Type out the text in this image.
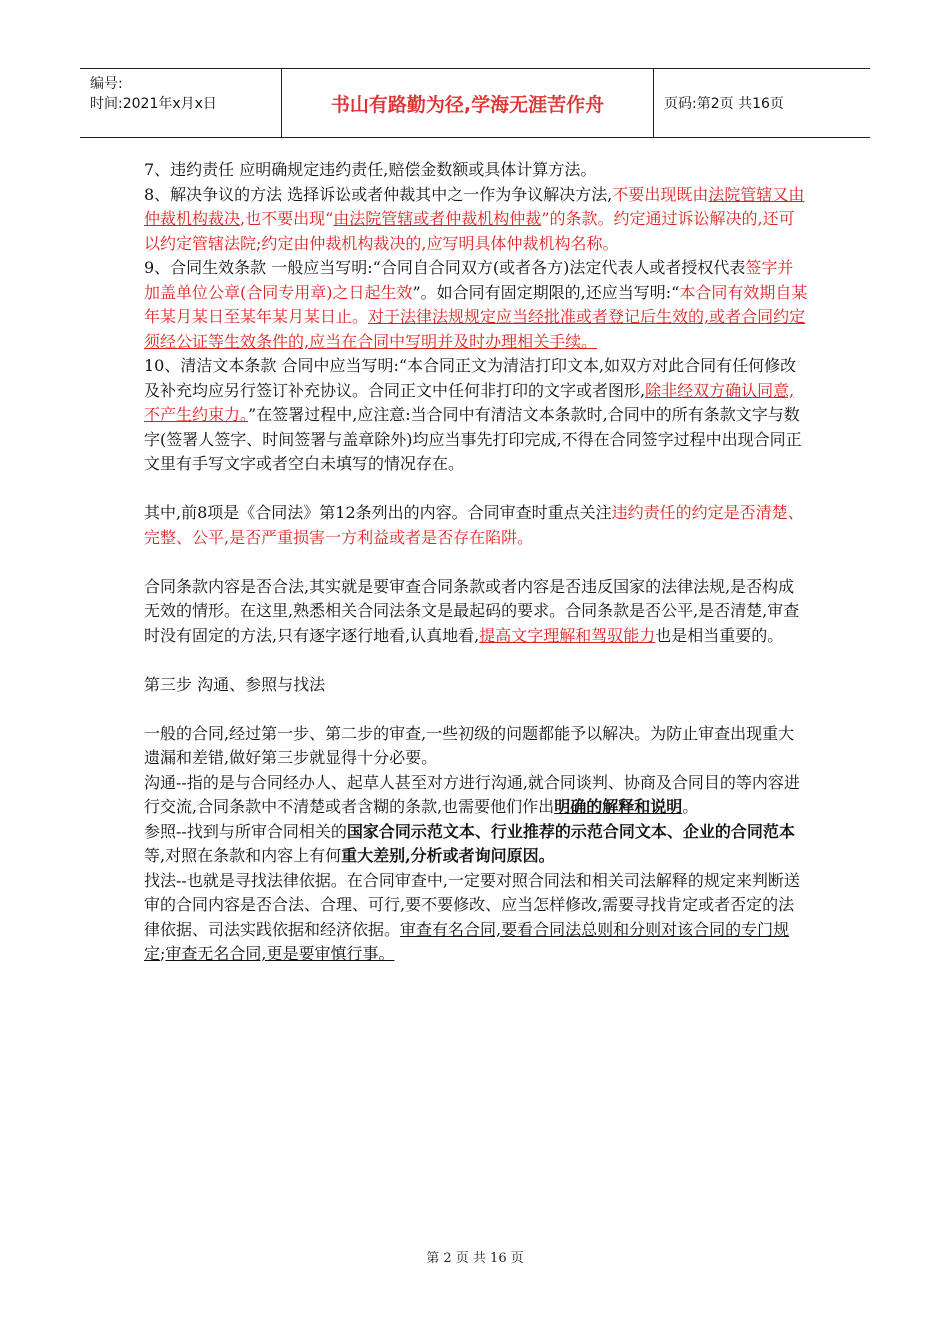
编号:
时间:2021年x月x日	书山有路勤为径,学海无涯苦作舟	页码:第2页 共16页

7、违约责任 应明确规定违约责任,赔偿金数额或具体计算方法。

8、解决争议的方法 选择诉讼或者仲裁其中之一作为争议解决方法,不要出现既由法院管辖又由仲裁机构裁决,也不要出现“由法院管辖或者仲裁机构仲裁”的条款。约定通过诉讼解决的,还可以约定管辖法院;约定由仲裁机构裁决的,应写明具体仲裁机构名称。

9、合同生效条款 一般应当写明:“合同自合同双方(或者各方)法定代表人或者授权代表签字并加盖单位公章(合同专用章)之日起生效”。如合同有固定期限的,还应当写明:“本合同有效期自某年某月某日至某年某月某日止。对于法律法规规定应当经批准或者登记后生效的,或者合同约定须经公证等生效条件的,应当在合同中写明并及时办理相关手续。

10、清洁文本条款 合同中应当写明:“本合同正文为清洁打印文本,如双方对此合同有任何修改及补充均应另行签订补充协议。合同正文中任何非打印的文字或者图形,除非经双方确认同意,不产生约束力。”在签署过程中,应注意:当合同中有清洁文本条款时,合同中的所有条款文字与数字(签署人签字、时间签署与盖章除外)均应当事先打印完成,不得在合同签字过程中出现合同正文里有手写文字或者空白未填写的情况存在。

其中,前8项是《合同法》第12条列出的内容。合同审查时重点关注违约责任的约定是否清楚、完整、公平,是否严重损害一方利益或者是否存在陷阱。

合同条款内容是否合法,其实就是要审查合同条款或者内容是否违反国家的法律法规,是否构成无效的情形。在这里,熟悉相关合同法条文是最起码的要求。合同条款是否公平,是否清楚,审查时没有固定的方法,只有逐字逐行地看,认真地看,提高文字理解和驾驭能力也是相当重要的。

第三步 沟通、参照与找法

一般的合同,经过第一步、第二步的审查,一些初级的问题都能予以解决。为防止审查出现重大遗漏和差错,做好第三步就显得十分必要。

沟通--指的是与合同经办人、起草人甚至对方进行沟通,就合同谈判、协商及合同目的等内容进行交流,合同条款中不清楚或者含糊的条款,也需要他们作出明确的解释和说明。

参照--找到与所审合同相关的国家合同示范文本、行业推荐的示范合同文本、企业的合同范本等,对照在条款和内容上有何重大差别,分析或者询问原因。

找法--也就是寻找法律依据。在合同审查中,一定要对照合同法和相关司法解释的规定来判断送审的合同内容是否合法、合理、可行,要不要修改、应当怎样修改,需要寻找肯定或者否定的法律依据、司法实践依据和经济依据。审查有名合同,要看合同法总则和分则对该合同的专门规定;审查无名合同,更是要审慎行事。

第 2 页 共 16 页
